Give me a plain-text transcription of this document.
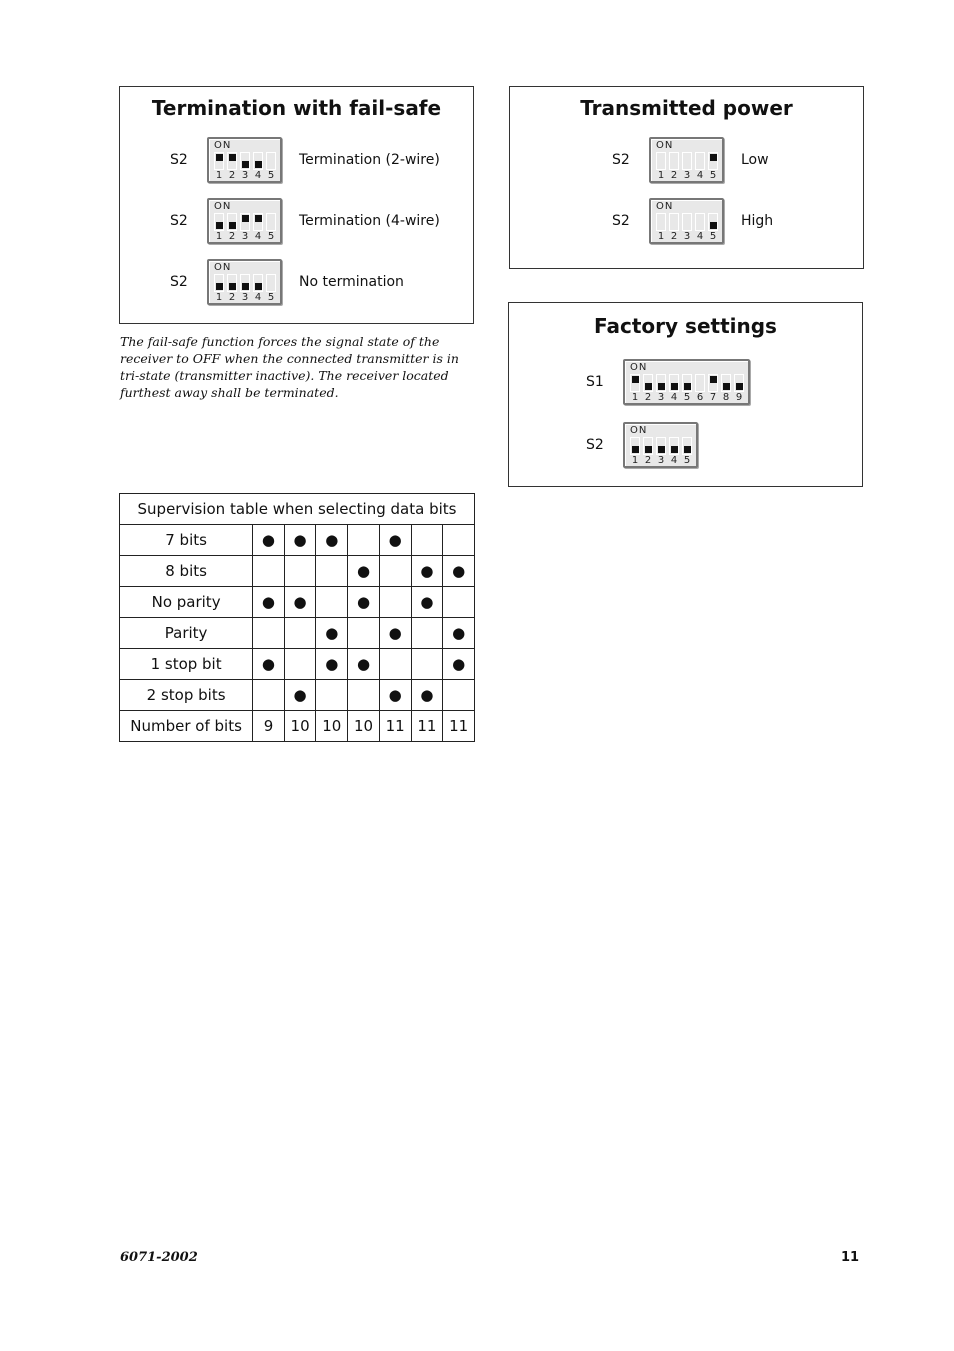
Termination with fail-safe
S2
ON
1 2 3 4 5
Termination (2-wire)
S2
ON
1 2 3 4 5
Termination (4-wire)
S2
ON
1 2 3 4 5
No termination
The fail-safe function forces the signal state of the receiver to OFF when the connected transmitter is in tri-state (transmitter inactive). The receiver located furthest away shall be terminated.
Transmitted power
S2
ON
1 2 3 4 5
Low
S2
ON
1 2 3 4 5
High
Factory settings
S1
ON
1 2 3 4 5 6 7 8 9
S2
ON
1 2 3 4 5
Supervision table when selecting data bits							
7 bits	●	●	●		●		
8 bits				●		●	●
No parity	●	●		●		●	
Parity			●		●		●
1 stop bit	●		●	●			●
2 stop bits		●			●	●	
Number of bits	9	10	10	10	11	11	11
6071-2002	11
